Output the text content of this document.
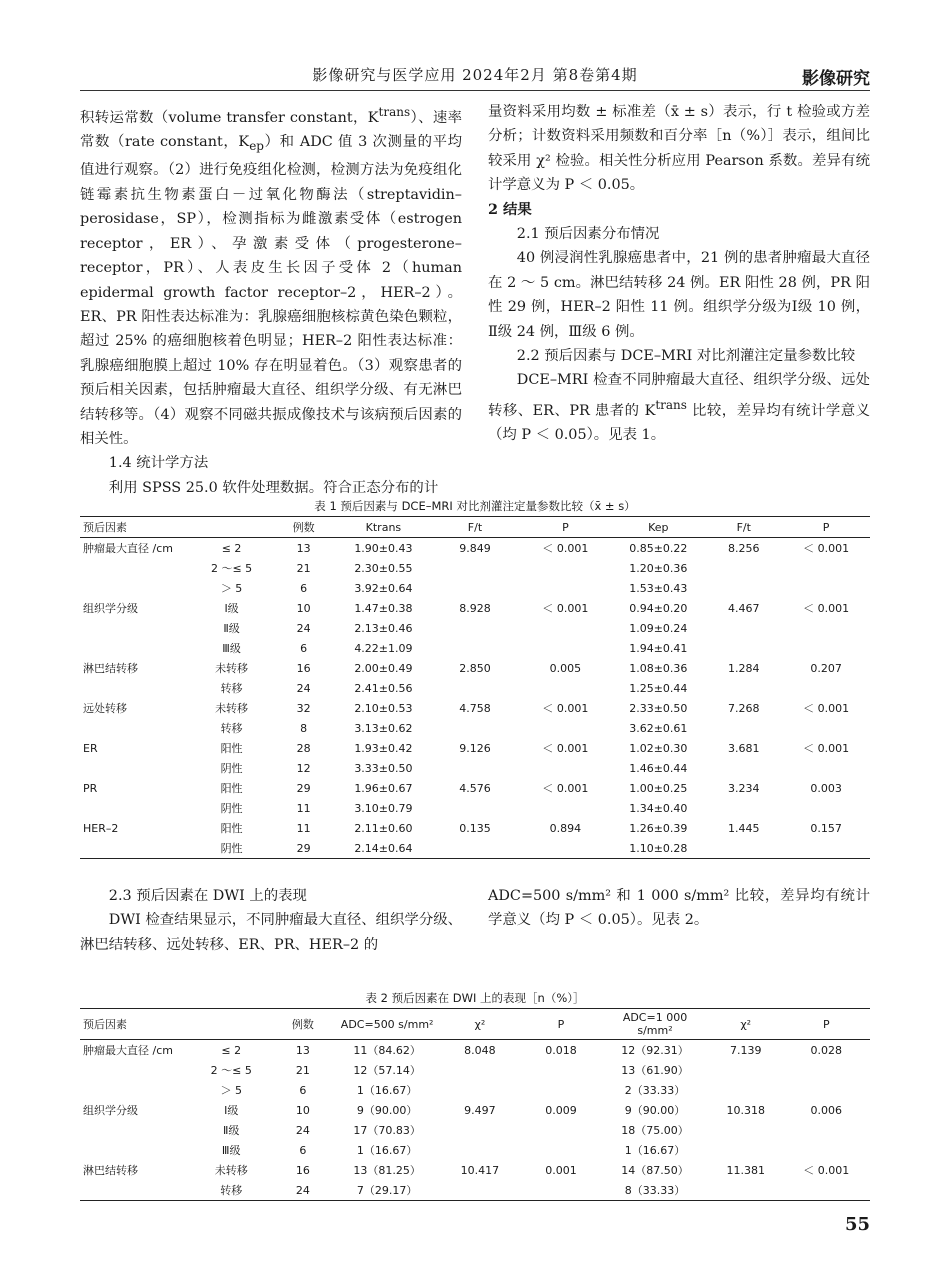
影像研究与医学应用 2024年2月 第8卷第4期	影像研究

积转运常数（volume transfer constant，$K^{trans}$）、速率常数（rate constant，$K_{ep}$）和 ADC 值 3 次测量的平均值进行观察。（2）进行免疫组化检测，检测方法为免疫组化链霉素抗生物素蛋白－过氧化物酶法（streptavidin–perosidase，SP），检测指标为雌激素受体（estrogen receptor，ER）、孕激素受体（progesterone–receptor，PR）、人表皮生长因子受体 2（human epidermal growth factor receptor–2，HER–2）。ER、PR 阳性表达标准为：乳腺癌细胞核棕黄色染色颗粒，超过 25% 的癌细胞核着色明显；HER–2 阳性表达标准：乳腺癌细胞膜上超过 10% 存在明显着色。（3）观察患者的预后相关因素，包括肿瘤最大直径、组织学分级、有无淋巴结转移等。（4）观察不同磁共振成像技术与该病预后因素的相关性。

1.4 统计学方法

利用 SPSS 25.0 软件处理数据。符合正态分布的计

量资料采用均数 ± 标准差（x̄ ± s）表示，行 t 检验或方差分析；计数资料采用频数和百分率［n（%）］表示，组间比较采用 χ² 检验。相关性分析应用 Pearson 系数。差异有统计学意义为 P ＜ 0.05。

2 结果

2.1 预后因素分布情况

40 例浸润性乳腺癌患者中，21 例的患者肿瘤最大直径在 2 ～ 5 cm。淋巴结转移 24 例。ER 阳性 28 例，PR 阳性 29 例，HER–2 阳性 11 例。组织学分级为Ⅰ级 10 例，Ⅱ级 24 例，Ⅲ级 6 例。

2.2 预后因素与 DCE–MRI 对比剂灌注定量参数比较

DCE–MRI 检查不同肿瘤最大直径、组织学分级、远处转移、ER、PR 患者的 $K^{trans}$ 比较，差异均有统计学意义（均 P ＜ 0.05）。见表 1。

表 1 预后因素与 DCE–MRI 对比剂灌注定量参数比较（x̄ ± s）
预后因素		例数	Ktrans	F/t	P	Kep	F/t	P
肿瘤最大直径 /cm	≤ 2	13	1.90±0.43	9.849	＜ 0.001	0.85±0.22	8.256	＜ 0.001
	2 ～≤ 5	21	2.30±0.55			1.20±0.36		
	＞ 5	6	3.92±0.64			1.53±0.43		
组织学分级	Ⅰ级	10	1.47±0.38	8.928	＜ 0.001	0.94±0.20	4.467	＜ 0.001
	Ⅱ级	24	2.13±0.46			1.09±0.24		
	Ⅲ级	6	4.22±1.09			1.94±0.41		
淋巴结转移	未转移	16	2.00±0.49	2.850	0.005	1.08±0.36	1.284	0.207
	转移	24	2.41±0.56			1.25±0.44		
远处转移	未转移	32	2.10±0.53	4.758	＜ 0.001	2.33±0.50	7.268	＜ 0.001
	转移	8	3.13±0.62			3.62±0.61		
ER	阳性	28	1.93±0.42	9.126	＜ 0.001	1.02±0.30	3.681	＜ 0.001
	阴性	12	3.33±0.50			1.46±0.44		
PR	阳性	29	1.96±0.67	4.576	＜ 0.001	1.00±0.25	3.234	0.003
	阴性	11	3.10±0.79			1.34±0.40		
HER–2	阳性	11	2.11±0.60	0.135	0.894	1.26±0.39	1.445	0.157
	阴性	29	2.14±0.64			1.10±0.28		

2.3 预后因素在 DWI 上的表现

DWI 检查结果显示，不同肿瘤最大直径、组织学分级、淋巴结转移、远处转移、ER、PR、HER–2 的

ADC=500 s/mm² 和 1 000 s/mm² 比较，差异均有统计学意义（均 P ＜ 0.05）。见表 2。

表 2 预后因素在 DWI 上的表现［n（%）］
预后因素		例数	ADC=500 s/mm²	χ²	P	ADC=1 000 s/mm²	χ²	P
肿瘤最大直径 /cm	≤ 2	13	11（84.62）	8.048	0.018	12（92.31）	7.139	0.028
	2 ～≤ 5	21	12（57.14）			13（61.90）		
	＞ 5	6	1（16.67）			2（33.33）		
组织学分级	Ⅰ级	10	9（90.00）	9.497	0.009	9（90.00）	10.318	0.006
	Ⅱ级	24	17（70.83）			18（75.00）		
	Ⅲ级	6	1（16.67）			1（16.67）		
淋巴结转移	未转移	16	13（81.25）	10.417	0.001	14（87.50）	11.381	＜ 0.001
	转移	24	7（29.17）			8（33.33）		
55
